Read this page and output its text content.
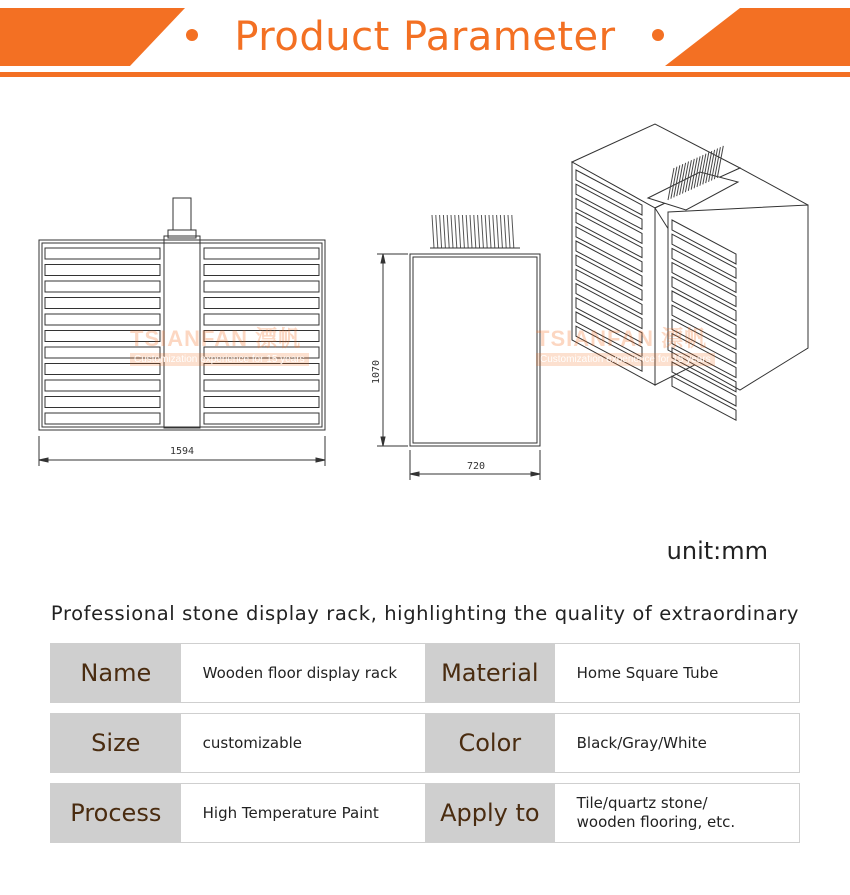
Product Parameter
1594
720
1070
TSIANFAN 漂帆
Customization experience for 15 years
TSIANFAN 漂帆
Customization experience for 15 years
unit:mm
Professional stone display rack, highlighting the quality of extraordinary
Name	Wooden floor display rack	Material	Home Square Tube
Size	customizable	Color	Black/Gray/White
Process	High Temperature Paint	Apply to	Tile/quartz stone/
wooden flooring, etc.
